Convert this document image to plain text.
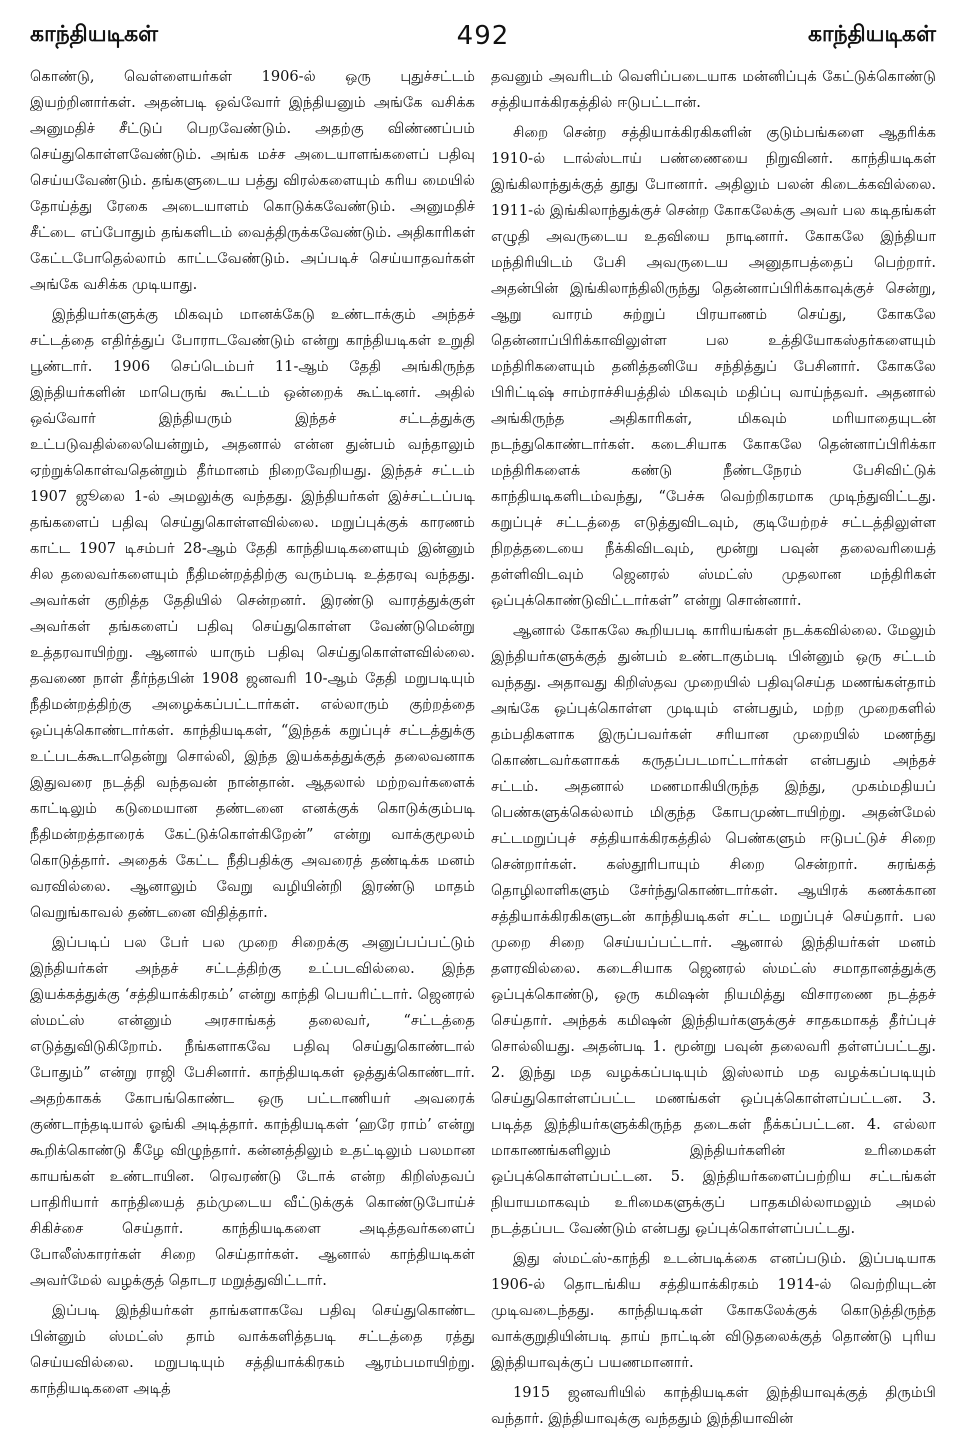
காந்தியடிகள்	492	காந்தியடிகள்

கொண்டு, வெள்ளையர்கள் 1906-ல் ஒரு புதுச்சட்டம் இயற்றினார்கள். அதன்படி ஒவ்வோர் இந்தியனும் அங்கே வசிக்க அனுமதிச் சீட்டுப் பெறவேண்டும். அதற்கு விண்ணப்பம் செய்துகொள்ளவேண்டும். அங்க மச்ச அடையாளங்களைப் பதிவு செய்யவேண்டும். தங்களுடைய பத்து விரல்களையும் கரிய மையில் தோய்த்து ரேகை அடையாளம் கொடுக்கவேண்டும். அனுமதிச் சீட்டை எப்போதும் தங்களிடம் வைத்திருக்கவேண்டும். அதிகாரிகள் கேட்டபோதெல்லாம் காட்டவேண்டும். அப்படிச் செய்யாதவர்கள் அங்கே வசிக்க முடியாது.

இந்தியர்களுக்கு மிகவும் மானக்கேடு உண்டாக்கும் அந்தச் சட்டத்தை எதிர்த்துப் போராடவேண்டும் என்று காந்தியடிகள் உறுதி பூண்டார். 1906 செப்டெம்பர் 11-ஆம் தேதி அங்கிருந்த இந்தியர்களின் மாபெருங் கூட்டம் ஒன்றைக் கூட்டினர். அதில் ஒவ்வோர் இந்தியரும் இந்தச் சட்டத்துக்கு உட்படுவதில்லையென்றும், அதனால் என்ன துன்பம் வந்தாலும் ஏற்றுக்கொள்வதென்றும் தீர்மானம் நிறைவேறியது. இந்தச் சட்டம் 1907 ஜூலை 1-ல் அமலுக்கு வந்தது. இந்தியர்கள் இச்சட்டப்படி தங்களைப் பதிவு செய்துகொள்ளவில்லை. மறுப்புக்குக் காரணம் காட்ட 1907 டிசம்பர் 28-ஆம் தேதி காந்தியடிகளையும் இன்னும் சில தலைவர்களையும் நீதிமன்றத்திற்கு வரும்படி உத்தரவு வந்தது. அவர்கள் குறித்த தேதியில் சென்றனர். இரண்டு வாரத்துக்குள் அவர்கள் தங்களைப் பதிவு செய்துகொள்ள வேண்டுமென்று உத்தரவாயிற்று. ஆனால் யாரும் பதிவு செய்துகொள்ளவில்லை. தவணை நாள் தீர்ந்தபின் 1908 ஜனவரி 10-ஆம் தேதி மறுபடியும் நீதிமன்றத்திற்கு அழைக்கப்பட்டார்கள். எல்லாரும் குற்றத்தை ஒப்புக்கொண்டார்கள். காந்தியடிகள், “இந்தக் கறுப்புச் சட்டத்துக்கு உட்படக்கூடாதென்று சொல்லி, இந்த இயக்கத்துக்குத் தலைவனாக இதுவரை நடத்தி வந்தவன் நான்தான். ஆதலால் மற்றவர்களைக் காட்டிலும் கடுமையான தண்டனை எனக்குக் கொடுக்கும்படி நீதிமன்றத்தாரைக் கேட்டுக்கொள்கிறேன்” என்று வாக்குமூலம் கொடுத்தார். அதைக் கேட்ட நீதிபதிக்கு அவரைத் தண்டிக்க மனம் வரவில்லை. ஆனாலும் வேறு வழியின்றி இரண்டு மாதம் வெறுங்காவல் தண்டனை விதித்தார்.

இப்படிப் பல பேர் பல முறை சிறைக்கு அனுப்பப்பட்டும் இந்தியர்கள் அந்தச் சட்டத்திற்கு உட்படவில்லை. இந்த இயக்கத்துக்கு ‘சத்தியாக்கிரகம்’ என்று காந்தி பெயரிட்டார். ஜெனரல் ஸ்மட்ஸ் என்னும் அரசாங்கத் தலைவர், “சட்டத்தை எடுத்துவிடுகிறோம். நீங்களாகவே பதிவு செய்துகொண்டால் போதும்” என்று ராஜி பேசினார். காந்தியடிகள் ஒத்துக்கொண்டார். அதற்காகக் கோபங்கொண்ட ஒரு பட்டாணியர் அவரைக் குண்டாந்தடியால் ஓங்கி அடித்தார். காந்தியடிகள் ‘ஹரே ராம்’ என்று கூறிக்கொண்டு கீழே விழுந்தார். கன்னத்திலும் உதட்டிலும் பலமான காயங்கள் உண்டாயின. ரெவரண்டு டோக் என்ற கிறிஸ்தவப் பாதிரியார் காந்தியைத் தம்முடைய வீட்டுக்குக் கொண்டுபோய்ச் சிகிச்சை செய்தார். காந்தியடிகளை அடித்தவர்களைப் போலீஸ்காரர்கள் சிறை செய்தார்கள். ஆனால் காந்தியடிகள் அவர்மேல் வழக்குத் தொடர மறுத்துவிட்டார்.

இப்படி இந்தியர்கள் தாங்களாகவே பதிவு செய்துகொண்ட பின்னும் ஸ்மட்ஸ் தாம் வாக்களித்தபடி சட்டத்தை ரத்து செய்யவில்லை. மறுபடியும் சத்தியாக்கிரகம் ஆரம்பமாயிற்று. காந்தியடிகளை அடித்

தவனும் அவரிடம் வெளிப்படையாக மன்னிப்புக் கேட்டுக்கொண்டு சத்தியாக்கிரகத்தில் ஈடுபட்டான்.

சிறை சென்ற சத்தியாக்கிரகிகளின் குடும்பங்களை ஆதரிக்க 1910-ல் டால்ஸ்டாய் பண்ணையை நிறுவினர். காந்தியடிகள் இங்கிலாந்துக்குத் தூது போனார். அதிலும் பலன் கிடைக்கவில்லை. 1911-ல் இங்கிலாந்துக்குச் சென்ற கோகலேக்கு அவர் பல கடிதங்கள் எழுதி அவருடைய உதவியை நாடினார். கோகலே இந்தியா மந்திரியிடம் பேசி அவருடைய அனுதாபத்தைப் பெற்றார். அதன்பின் இங்கிலாந்திலிருந்து தென்னாப்பிரிக்காவுக்குச் சென்று, ஆறு வாரம் சுற்றுப் பிரயாணம் செய்து, கோகலே தென்னாப்பிரிக்காவிலுள்ள பல உத்தியோகஸ்தர்களையும் மந்திரிகளையும் தனித்தனியே சந்தித்துப் பேசினார். கோகலே பிரிட்டிஷ் சாம்ராச்சியத்தில் மிகவும் மதிப்பு வாய்ந்தவர். அதனால் அங்கிருந்த அதிகாரிகள், மிகவும் மரியாதையுடன் நடந்துகொண்டார்கள். கடைசியாக கோகலே தென்னாப்பிரிக்கா மந்திரிகளைக் கண்டு நீண்டநேரம் பேசிவிட்டுக் காந்தியடிகளிடம்வந்து, “பேச்சு வெற்றிகரமாக முடிந்துவிட்டது. கறுப்புச் சட்டத்தை எடுத்துவிடவும், குடியேற்றச் சட்டத்திலுள்ள நிறத்தடையை நீக்கிவிடவும், மூன்று பவுன் தலைவரியைத் தள்ளிவிடவும் ஜெனரல் ஸ்மட்ஸ் முதலான மந்திரிகள் ஒப்புக்கொண்டுவிட்டார்கள்” என்று சொன்னார்.

ஆனால் கோகலே கூறியபடி காரியங்கள் நடக்கவில்லை. மேலும் இந்தியர்களுக்குத் துன்பம் உண்டாகும்படி பின்னும் ஒரு சட்டம் வந்தது. அதாவது கிறிஸ்தவ முறையில் பதிவுசெய்த மணங்கள்தாம் அங்கே ஒப்புக்கொள்ள முடியும் என்பதும், மற்ற முறைகளில் தம்பதிகளாக இருப்பவர்கள் சரியான முறையில் மணந்து கொண்டவர்களாகக் கருதப்படமாட்டார்கள் என்பதும் அந்தச் சட்டம். அதனால் மணமாகியிருந்த இந்து, முகம்மதியப் பெண்களுக்கெல்லாம் மிகுந்த கோபமுண்டாயிற்று. அதன்மேல் சட்டமறுப்புச் சத்தியாக்கிரகத்தில் பெண்களும் ஈடுபட்டுச் சிறை சென்றார்கள். கஸ்தூரிபாயும் சிறை சென்றார். சுரங்கத் தொழிலாளிகளும் சேர்ந்துகொண்டார்கள். ஆயிரக் கணக்கான சத்தியாக்கிரகிகளுடன் காந்தியடிகள் சட்ட மறுப்புச் செய்தார். பல முறை சிறை செய்யப்பட்டார். ஆனால் இந்தியர்கள் மனம் தளரவில்லை. கடைசியாக ஜெனரல் ஸ்மட்ஸ் சமாதானத்துக்கு ஒப்புக்கொண்டு, ஒரு கமிஷன் நியமித்து விசாரணை நடத்தச் செய்தார். அந்தக் கமிஷன் இந்தியர்களுக்குச் சாதகமாகத் தீர்ப்புச் சொல்லியது. அதன்படி 1. மூன்று பவுன் தலைவரி தள்ளப்பட்டது. 2. இந்து மத வழக்கப்படியும் இஸ்லாம் மத வழக்கப்படியும் செய்துகொள்ளப்பட்ட மணங்கள் ஒப்புக்கொள்ளப்பட்டன. 3. படித்த இந்தியர்களுக்கிருந்த தடைகள் நீக்கப்பட்டன. 4. எல்லா மாகாணங்களிலும் இந்தியர்களின் உரிமைகள் ஒப்புக்கொள்ளப்பட்டன. 5. இந்தியர்களைப்பற்றிய சட்டங்கள் நியாயமாகவும் உரிமைகளுக்குப் பாதகமில்லாமலும் அமல் நடத்தப்பட வேண்டும் என்பது ஒப்புக்கொள்ளப்பட்டது.

இது ஸ்மட்ஸ்-காந்தி உடன்படிக்கை எனப்படும். இப்படியாக 1906-ல் தொடங்கிய சத்தியாக்கிரகம் 1914-ல் வெற்றியுடன் முடிவடைந்தது. காந்தியடிகள் கோகலேக்குக் கொடுத்திருந்த வாக்குறுதியின்படி தாய் நாட்டின் விடுதலைக்குத் தொண்டு புரிய இந்தியாவுக்குப் பயணமானார்.

1915 ஜனவரியில் காந்தியடிகள் இந்தியாவுக்குத் திரும்பி வந்தார். இந்தியாவுக்கு வந்ததும் இந்தியாவின்
